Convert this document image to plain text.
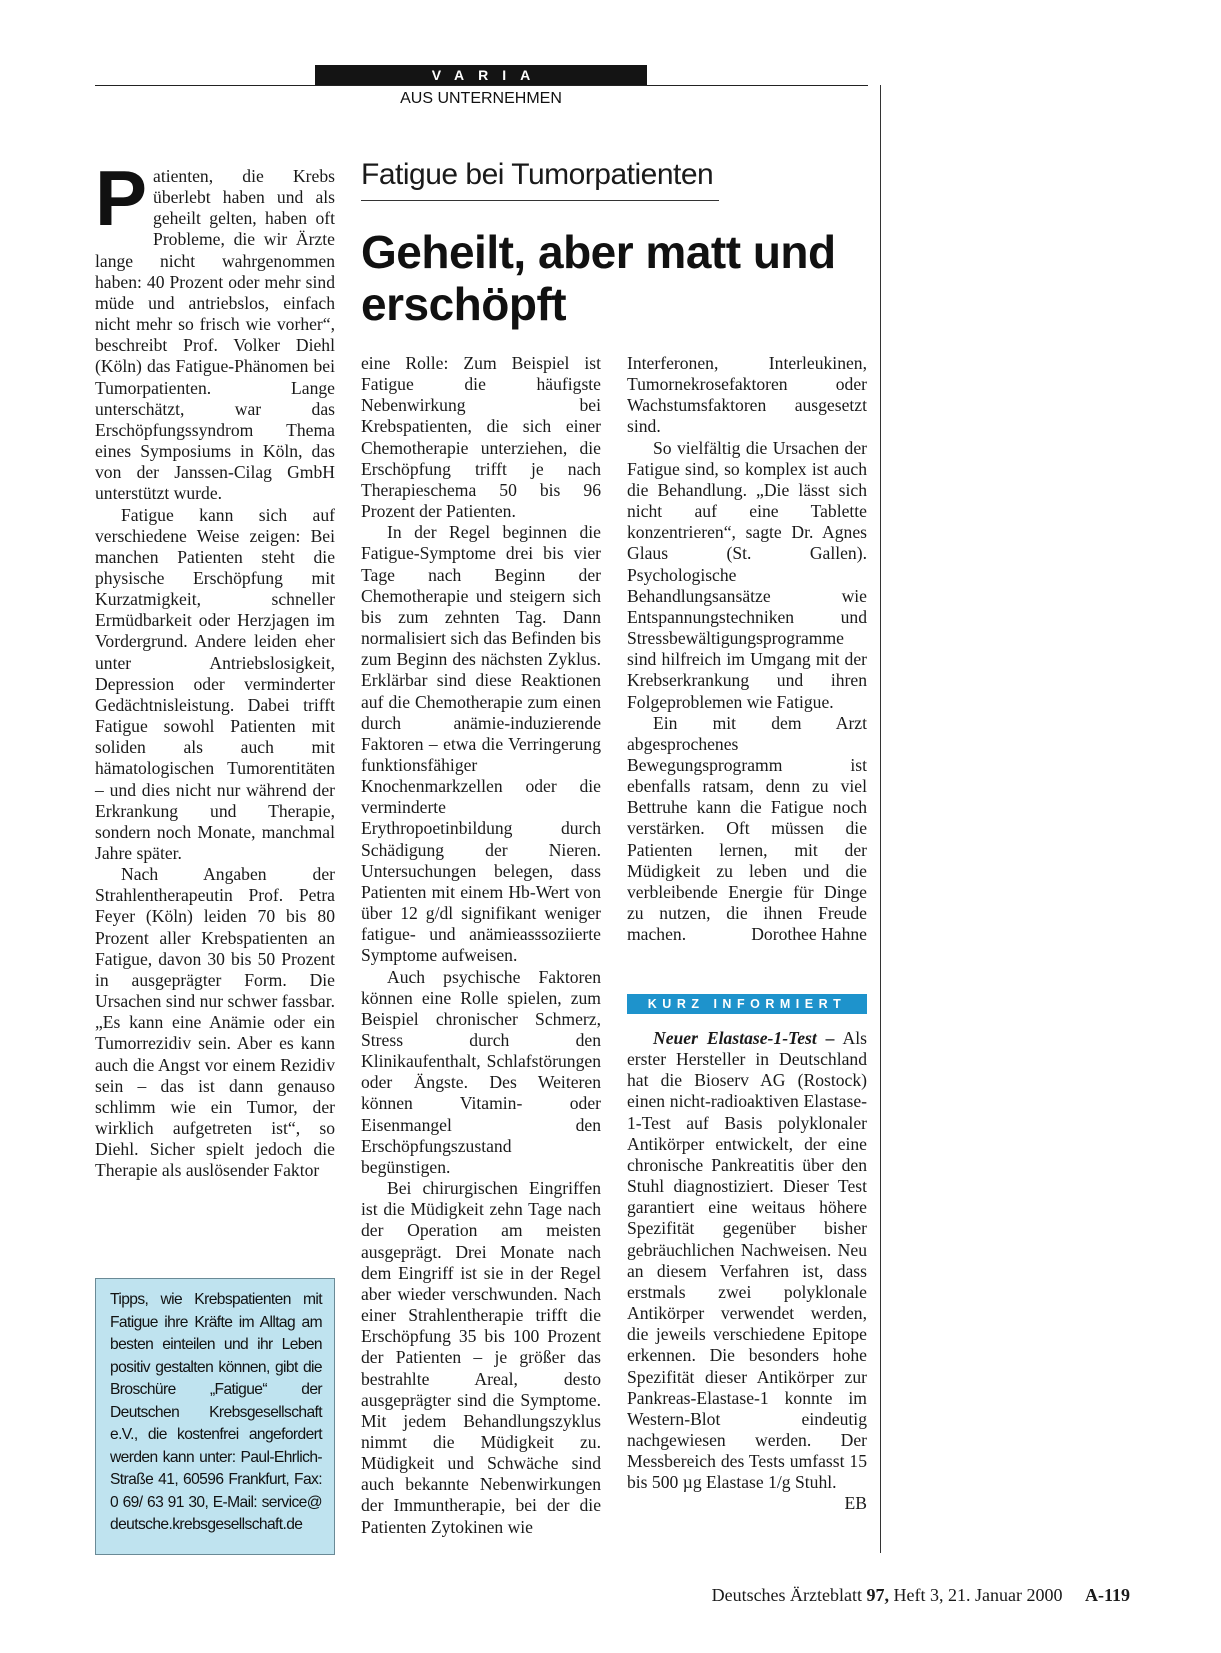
VARIA
AUS UNTERNEHMEN
Fatigue bei Tumorpatienten
Geheilt, aber matt und erschöpft

Patienten, die Krebs überlebt haben und als geheilt gelten, haben oft Probleme, die wir Ärzte lange nicht wahrgenommen haben: 40 Prozent oder mehr sind müde und antriebslos, einfach nicht mehr so frisch wie vorher“, beschreibt Prof. Volker Diehl (Köln) das Fatigue-Phänomen bei Tumorpatienten. Lange unterschätzt, war das Erschöpfungssyndrom Thema eines Symposiums in Köln, das von der Janssen-Cilag GmbH unterstützt wurde.

Fatigue kann sich auf verschiedene Weise zeigen: Bei manchen Patienten steht die physische Erschöpfung mit Kurzatmigkeit, schneller Ermüdbarkeit oder Herzjagen im Vordergrund. Andere leiden eher unter Antriebslosigkeit, Depression oder verminderter Gedächtnisleistung. Dabei trifft Fatigue sowohl Patienten mit soliden als auch mit hämatologischen Tumorentitäten – und dies nicht nur während der Erkrankung und Therapie, sondern noch Monate, manchmal Jahre später.

Nach Angaben der Strahlentherapeutin Prof. Petra Feyer (Köln) leiden 70 bis 80 Prozent aller Krebspatienten an Fatigue, davon 30 bis 50 Prozent in ausgeprägter Form. Die Ursachen sind nur schwer fassbar. „Es kann eine Anämie oder ein Tumorrezidiv sein. Aber es kann auch die Angst vor einem Rezidiv sein – das ist dann genauso schlimm wie ein Tumor, der wirklich aufgetreten ist“, so Diehl. Sicher spielt jedoch die Therapie als auslösender Faktor

eine Rolle: Zum Beispiel ist Fatigue die häufigste Nebenwirkung bei Krebspatienten, die sich einer Chemotherapie unterziehen, die Erschöpfung trifft je nach Therapieschema 50 bis 96 Prozent der Patienten.

In der Regel beginnen die Fatigue-Symptome drei bis vier Tage nach Beginn der Chemotherapie und steigern sich bis zum zehnten Tag. Dann normalisiert sich das Befinden bis zum Beginn des nächsten Zyklus. Erklärbar sind diese Reaktionen auf die Chemotherapie zum einen durch anämie-induzierende Faktoren – etwa die Verringerung funktionsfähiger Knochenmarkzellen oder die verminderte Erythropoetinbildung durch Schädigung der Nieren. Untersuchungen belegen, dass Patienten mit einem Hb-Wert von über 12 g/dl signifikant weniger fatigue- und anämieasssoziierte Symptome aufweisen.

Auch psychische Faktoren können eine Rolle spielen, zum Beispiel chronischer Schmerz, Stress durch den Klinikaufenthalt, Schlafstörungen oder Ängste. Des Weiteren können Vitamin- oder Eisenmangel den Erschöpfungszustand begünstigen.

Bei chirurgischen Eingriffen ist die Müdigkeit zehn Tage nach der Operation am meisten ausgeprägt. Drei Monate nach dem Eingriff ist sie in der Regel aber wieder verschwunden. Nach einer Strahlentherapie trifft die Erschöpfung 35 bis 100 Prozent der Patienten – je größer das bestrahlte Areal, desto ausgeprägter sind die Symptome. Mit jedem Behandlungszyklus nimmt die Müdigkeit zu. Müdigkeit und Schwäche sind auch bekannte Nebenwirkungen der Immuntherapie, bei der die Patienten Zytokinen wie

Interferonen, Interleukinen, Tumornekrosefaktoren oder Wachstumsfaktoren ausgesetzt sind.

So vielfältig die Ursachen der Fatigue sind, so komplex ist auch die Behandlung. „Die lässt sich nicht auf eine Tablette konzentrieren“, sagte Dr. Agnes Glaus (St. Gallen). Psychologische Behandlungsansätze wie Entspannungstechniken und Stressbewältigungsprogramme sind hilfreich im Umgang mit der Krebserkrankung und ihren Folgeproblemen wie Fatigue.

Ein mit dem Arzt abgesprochenes Bewegungsprogramm ist ebenfalls ratsam, denn zu viel Bettruhe kann die Fatigue noch verstärken. Oft müssen die Patienten lernen, mit der Müdigkeit zu leben und die verbleibende Energie für Dinge zu nutzen, die ihnen Freude machen.	Dorothee Hahne

Tipps, wie Krebspatienten mit Fatigue ihre Kräfte im Alltag am besten einteilen und ihr Leben positiv gestalten können, gibt die Broschüre „Fatigue“ der Deutschen Krebsgesellschaft e.V., die kostenfrei angefordert werden kann unter: Paul-Ehrlich-Straße 41, 60596 Frankfurt, Fax: 0 69/ 63 91 30, E-Mail: service@ deutsche.krebsgesellschaft.de
KURZ INFORMIERT

Neuer Elastase-1-Test – Als erster Hersteller in Deutschland hat die Bioserv AG (Rostock) einen nicht-radioaktiven Elastase-1-Test auf Basis polyklonaler Antikörper entwickelt, der eine chronische Pankreatitis über den Stuhl diagnostiziert. Dieser Test garantiert eine weitaus höhere Spezifität gegenüber bisher gebräuchlichen Nachweisen. Neu an diesem Verfahren ist, dass erstmals zwei polyklonale Antikörper verwendet werden, die jeweils verschiedene Epitope erkennen. Die besonders hohe Spezifität dieser Antikörper zur Pankreas-Elastase-1 konnte im Western-Blot eindeutig nachgewiesen werden. Der Messbereich des Tests umfasst 15 bis 500 µg Elastase 1/g Stuhl.
EB

Deutsches Ärzteblatt 97, Heft 3, 21. Januar 2000 A-119
